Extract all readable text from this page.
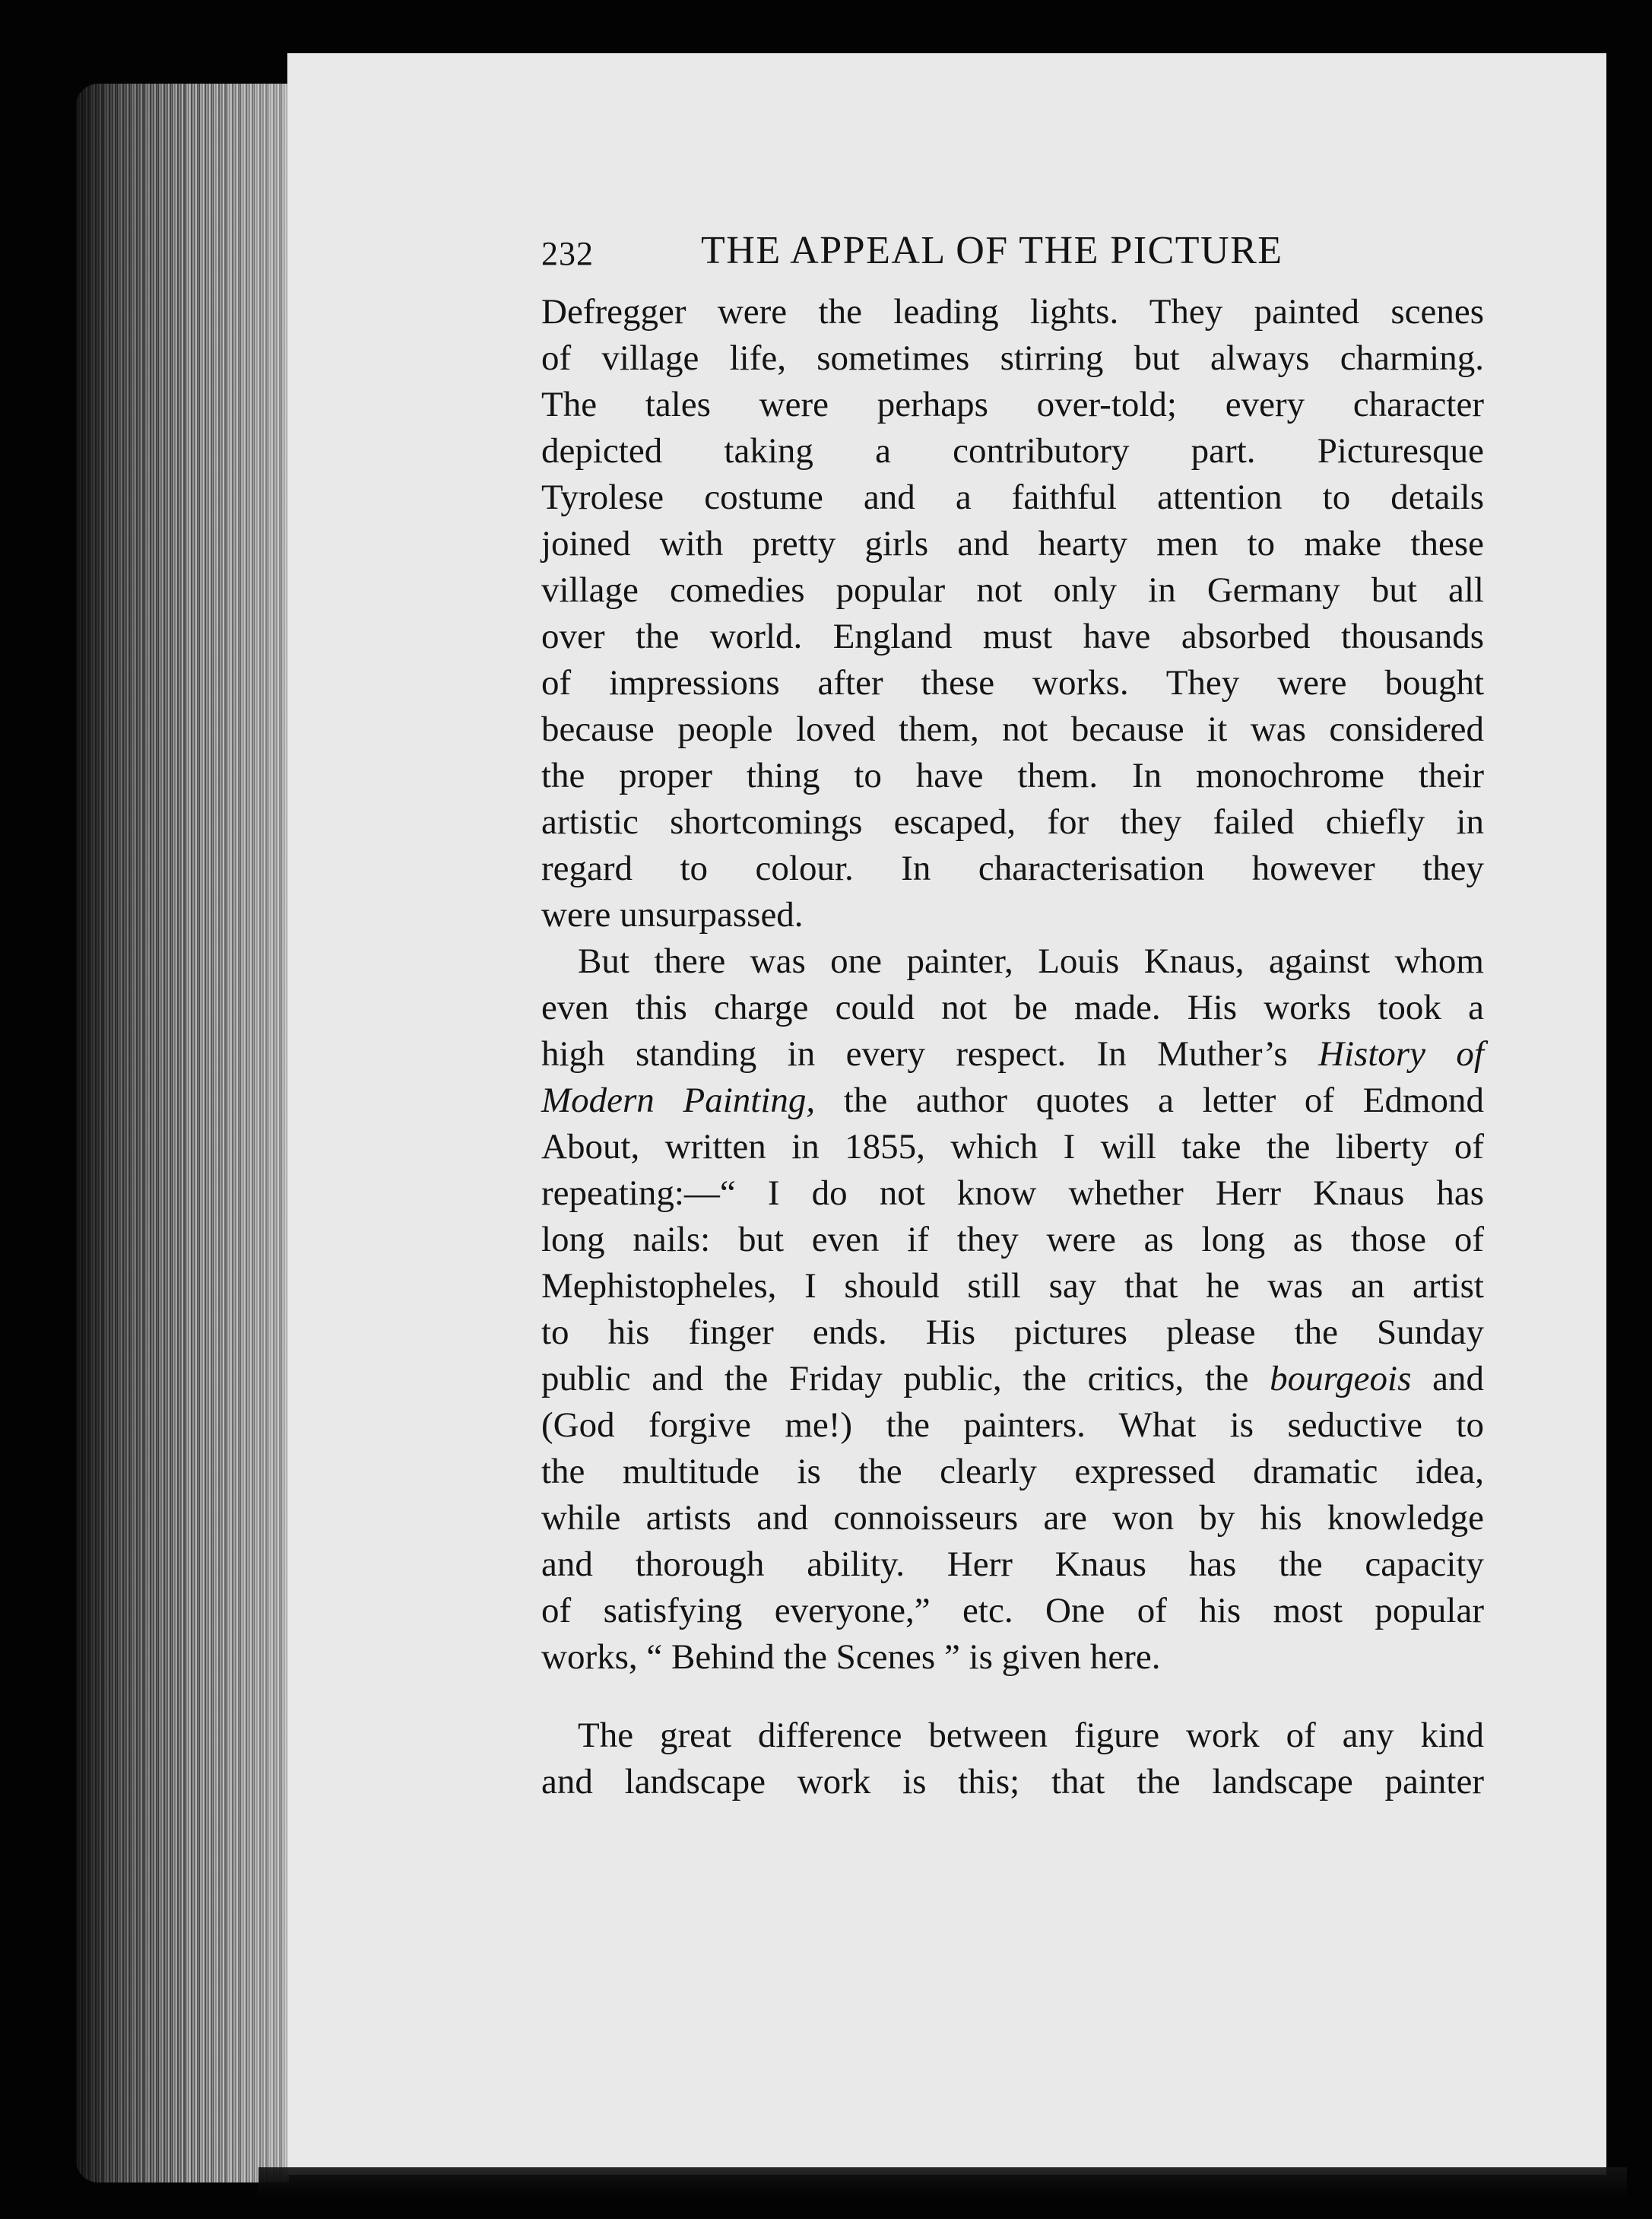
232	THE APPEAL OF THE PICTURE
Defregger were the leading lights. They painted scenes
of village life, sometimes stirring but always charming.
The tales were perhaps over-told; every character
depicted taking a contributory part. Picturesque
Tyrolese costume and a faithful attention to details
joined with pretty girls and hearty men to make these
village comedies popular not only in Germany but all
over the world. England must have absorbed thousands
of impressions after these works. They were bought
because people loved them, not because it was considered
the proper thing to have them. In monochrome their
artistic shortcomings escaped, for they failed chiefly in
regard to colour. In characterisation however they
were unsurpassed.
But there was one painter, Louis Knaus, against whom
even this charge could not be made. His works took a
high standing in every respect. In Muther’s History of
Modern Painting, the author quotes a letter of Edmond
About, written in 1855, which I will take the liberty of
repeating:—“ I do not know whether Herr Knaus has
long nails: but even if they were as long as those of
Mephistopheles, I should still say that he was an artist
to his finger ends. His pictures please the Sunday
public and the Friday public, the critics, the bourgeois and
(God forgive me!) the painters. What is seductive to
the multitude is the clearly expressed dramatic idea,
while artists and connoisseurs are won by his knowledge
and thorough ability. Herr Knaus has the capacity
of satisfying everyone,” etc. One of his most popular
works, “ Behind the Scenes ” is given here.
The great difference between figure work of any kind
and landscape work is this; that the landscape painter
